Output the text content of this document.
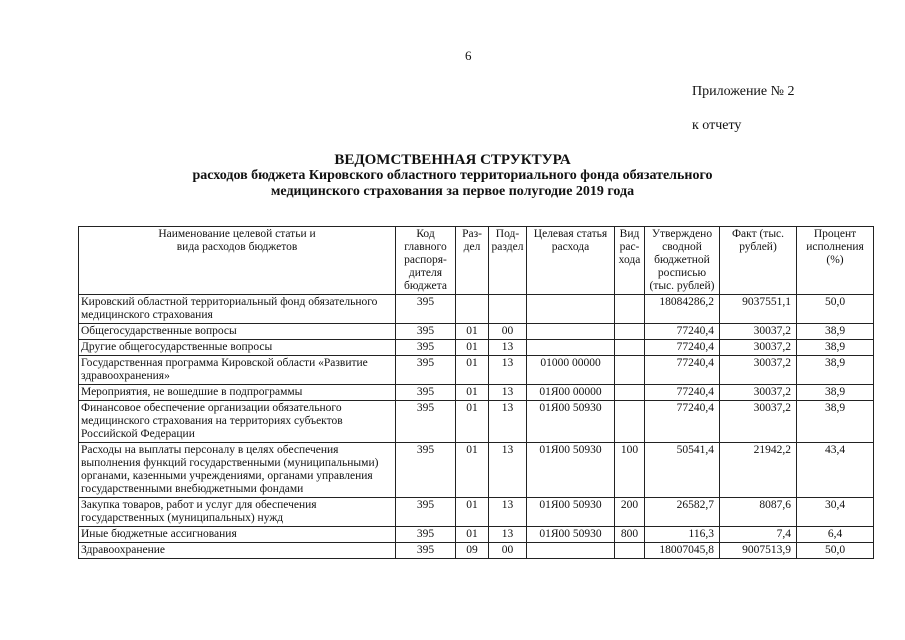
6
Приложение № 2
к отчету
ВЕДОМСТВЕННАЯ СТРУКТУРА
расходов бюджета Кировского областного территориального фонда обязательного
медицинского страхования за первое полугодие 2019 года
Наименование целевой статьи и
вида расходов бюджетов	Код главного распоря-дителя бюджета	Раз-дел	Под-раздел	Целевая статья расхода	Вид рас-хода	Утверждено сводной бюджетной росписью (тыс. рублей)	Факт (тыс. рублей)	Процент исполнения (%)
Кировский областной территориальный фонд обязательного медицинского страхования	395					18084286,2	9037551,1	50,0
Общегосударственные вопросы	395	01	00			77240,4	30037,2	38,9
Другие общегосударственные вопросы	395	01	13			77240,4	30037,2	38,9
Государственная программа Кировской области «Развитие здравоохранения»	395	01	13	01000 00000		77240,4	30037,2	38,9
Мероприятия, не вошедшие в подпрограммы	395	01	13	01Я00 00000		77240,4	30037,2	38,9
Финансовое обеспечение организации обязательного медицинского страхования на территориях субъектов Российской Федерации	395	01	13	01Я00 50930		77240,4	30037,2	38,9
Расходы на выплаты персоналу в целях обеспечения выполнения функций государственными (муниципальными) органами, казенными учреждениями, органами управления государственными внебюджетными фондами	395	01	13	01Я00 50930	100	50541,4	21942,2	43,4
Закупка товаров, работ и услуг для обеспечения государственных (муниципальных) нужд	395	01	13	01Я00 50930	200	26582,7	8087,6	30,4
Иные бюджетные ассигнования	395	01	13	01Я00 50930	800	116,3	7,4	6,4
Здравоохранение	395	09	00			18007045,8	9007513,9	50,0
